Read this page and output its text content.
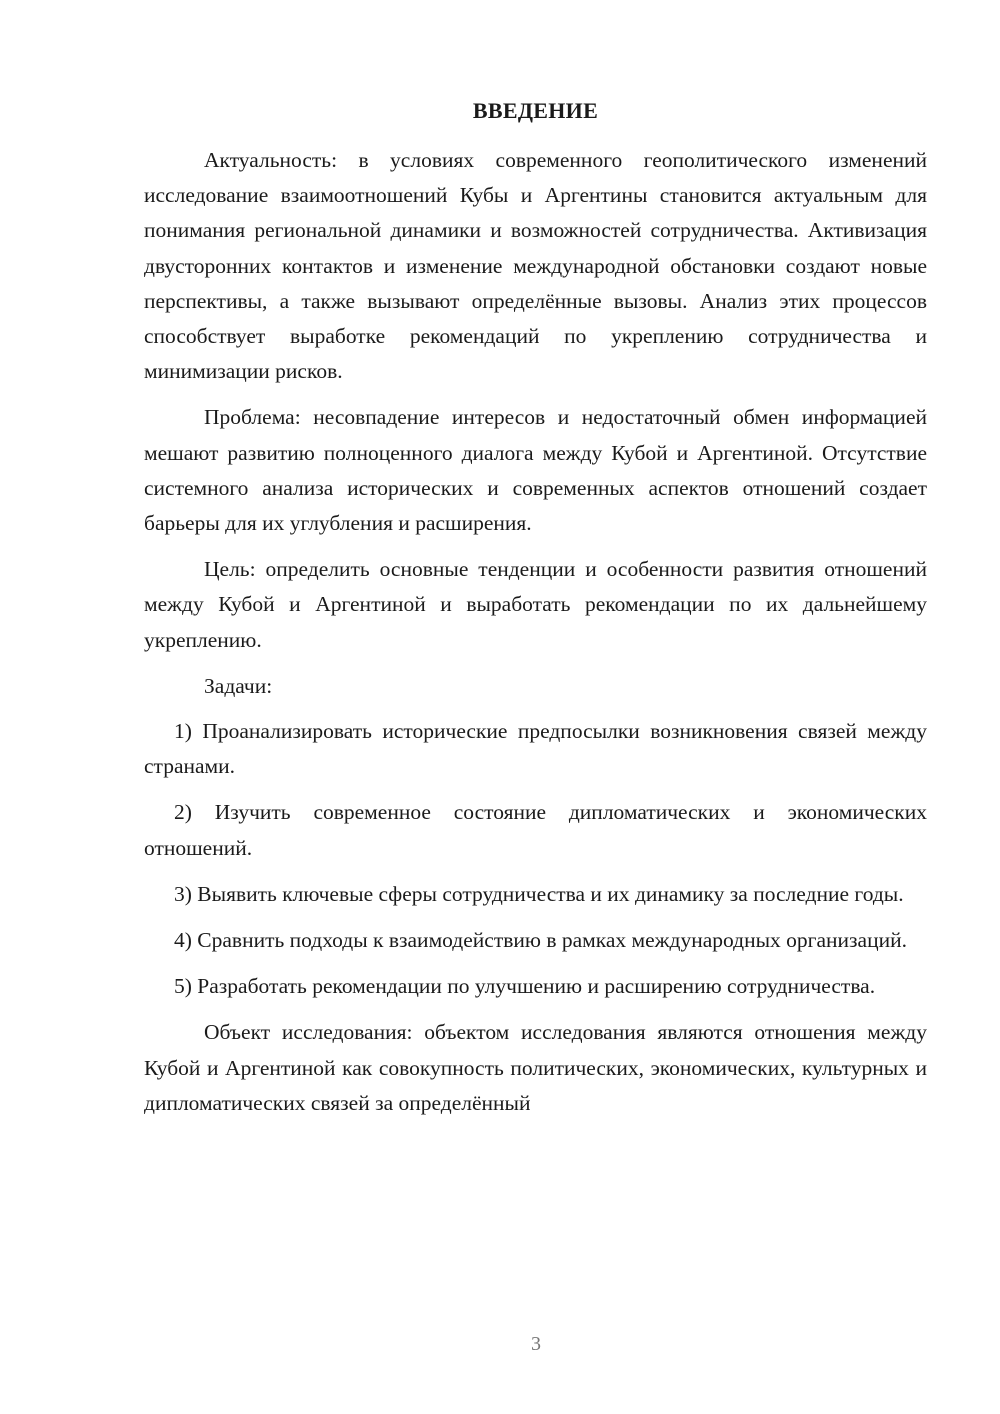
ВВЕДЕНИЕ

Актуальность: в условиях современного геополитического изменений исследование взаимоотношений Кубы и Аргентины становится актуальным для понимания региональной динамики и возможностей сотрудничества. Активизация двусторонних контактов и изменение международной обстановки создают новые перспективы, а также вызывают определённые вызовы. Анализ этих процессов способствует выработке рекомендаций по укреплению сотрудничества и минимизации рисков.

Проблема: несовпадение интересов и недостаточный обмен информацией мешают развитию полноценного диалога между Кубой и Аргентиной. Отсутствие системного анализа исторических и современных аспектов отношений создает барьеры для их углубления и расширения.

Цель: определить основные тенденции и особенности развития отношений между Кубой и Аргентиной и выработать рекомендации по их дальнейшему укреплению.

Задачи:

1) Проанализировать исторические предпосылки возникновения связей между странами.

2) Изучить современное состояние дипломатических и экономических отношений.

3) Выявить ключевые сферы сотрудничества и их динамику за последние годы.

4) Сравнить подходы к взаимодействию в рамках международных организаций.

5) Разработать рекомендации по улучшению и расширению сотрудничества.

Объект исследования: объектом исследования являются отношения между Кубой и Аргентиной как совокупность политических, экономических, культурных и дипломатических связей за определённый

3
